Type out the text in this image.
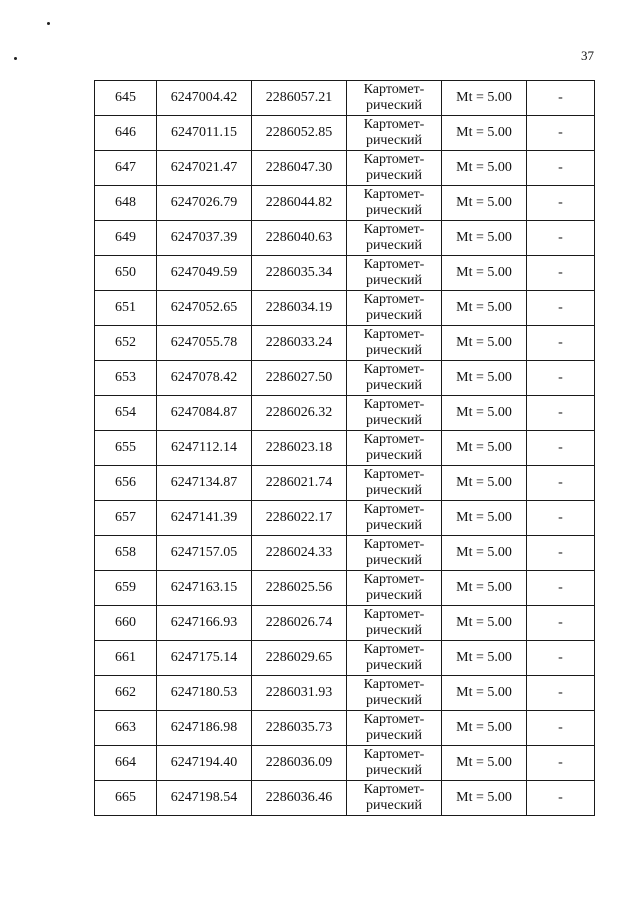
37
645	6247004.42	2286057.21	Картомет-
рический	Mt = 5.00	-
646	6247011.15	2286052.85	Картомет-
рический	Mt = 5.00	-
647	6247021.47	2286047.30	Картомет-
рический	Mt = 5.00	-
648	6247026.79	2286044.82	Картомет-
рический	Mt = 5.00	-
649	6247037.39	2286040.63	Картомет-
рический	Mt = 5.00	-
650	6247049.59	2286035.34	Картомет-
рический	Mt = 5.00	-
651	6247052.65	2286034.19	Картомет-
рический	Mt = 5.00	-
652	6247055.78	2286033.24	Картомет-
рический	Mt = 5.00	-
653	6247078.42	2286027.50	Картомет-
рический	Mt = 5.00	-
654	6247084.87	2286026.32	Картомет-
рический	Mt = 5.00	-
655	6247112.14	2286023.18	Картомет-
рический	Mt = 5.00	-
656	6247134.87	2286021.74	Картомет-
рический	Mt = 5.00	-
657	6247141.39	2286022.17	Картомет-
рический	Mt = 5.00	-
658	6247157.05	2286024.33	Картомет-
рический	Mt = 5.00	-
659	6247163.15	2286025.56	Картомет-
рический	Mt = 5.00	-
660	6247166.93	2286026.74	Картомет-
рический	Mt = 5.00	-
661	6247175.14	2286029.65	Картомет-
рический	Mt = 5.00	-
662	6247180.53	2286031.93	Картомет-
рический	Mt = 5.00	-
663	6247186.98	2286035.73	Картомет-
рический	Mt = 5.00	-
664	6247194.40	2286036.09	Картомет-
рический	Mt = 5.00	-
665	6247198.54	2286036.46	Картомет-
рический	Mt = 5.00	-
